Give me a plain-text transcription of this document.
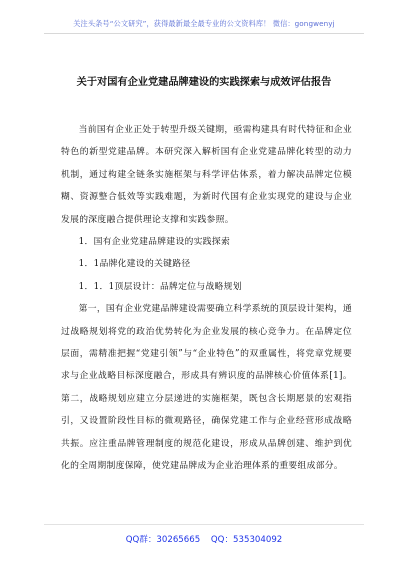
关注头条号“公文研究”，获得最新最全最专业的公文资料库！ 微信：gongwenyj
关于对国有企业党建品牌建设的实践探索与成效评估报告

当前国有企业正处于转型升级关键期，亟需构建具有时代特征和企业特色的新型党建品牌。本研究深入解析国有企业党建品牌化转型的动力机制，通过构建全链条实施框架与科学评估体系，着力解决品牌定位模糊、资源整合低效等实践难题，为新时代国有企业实现党的建设与企业发展的深度融合提供理论支撑和实践参照。

1．国有企业党建品牌建设的实践探索

1．1品牌化建设的关键路径

1．1．1顶层设计：品牌定位与战略规划

第一，国有企业党建品牌建设需要确立科学系统的顶层设计架构，通过战略规划将党的政治优势转化为企业发展的核心竞争力。在品牌定位层面，需精准把握“党建引领”与“企业特色”的双重属性，将党章党规要求与企业战略目标深度融合，形成具有辨识度的品牌核心价值体系[1]。第二，战略规划应建立分层递进的实施框架，既包含长期愿景的宏观指引，又设置阶段性目标的微观路径，确保党建工作与企业经营形成战略共振。应注重品牌管理制度的规范化建设，形成从品牌创建、维护到优化的全周期制度保障，使党建品牌成为企业治理体系的重要组成部分。

QQ群：30265665 QQ：535304092
